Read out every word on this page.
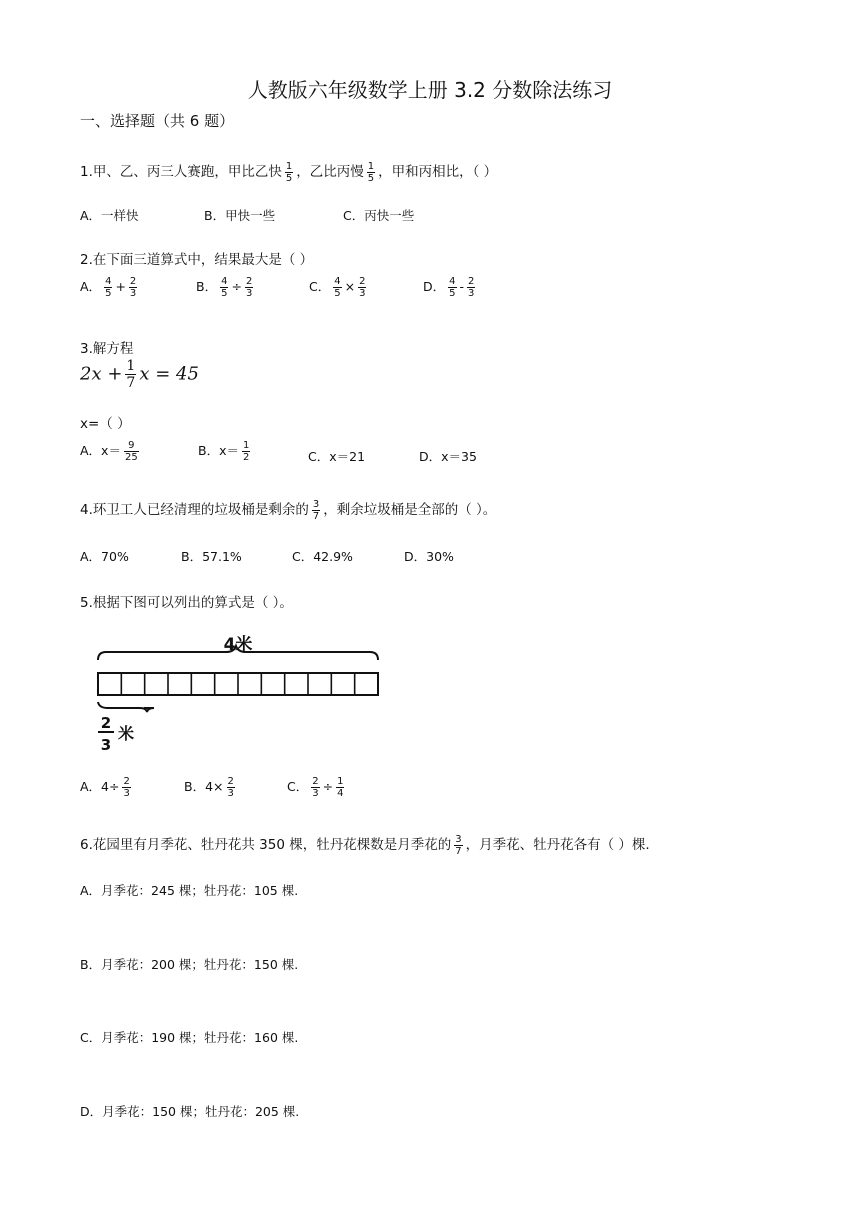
人教版六年级数学上册 3.2 分数除法练习
一、选择题（共 6 题）
1.甲、乙、丙三人赛跑，甲比乙快 $\frac{1}{5}$ ，乙比丙慢 $\frac{1}{5}$ ，甲和丙相比，（ ）
A．一样快	B．甲快一些	C．丙快一些
2.在下面三道算式中，结果最大是（ ）
A． $\frac{4}{5} + \frac{2}{3}$	B． $\frac{4}{5} \div \frac{2}{3}$	C． $\frac{4}{5} \times \frac{2}{3}$	D． $\frac{4}{5} - \frac{2}{3}$
3.解方程
$2x + \frac{1}{7}$ x = 45
x=（ ）
A．$x= \frac{9}{25}$	B．$x= \frac{1}{2}$	C．x＝21	D．x＝35
4.环卫工人已经清理的垃圾桶是剩余的 $\frac{3}{7}$ ，剩余垃圾桶是全部的（ ）。
A．70%	B．57.1%	C．42.9%	D．30%
5.根据下图可以列出的算式是（ ）。
4米
2
3
米
A．$4\div \frac{2}{3}$	B．$4\times \frac{2}{3}$	C． $\frac{2}{3} \div \frac{1}{4}$
6.花园里有月季花、牡丹花共 350 棵，牡丹花棵数是月季花的 $\frac{3}{7}$ ，月季花、牡丹花各有（ ）棵.
A．月季花：245 棵；牡丹花：105 棵.
B．月季花：200 棵；牡丹花：150 棵.
C．月季花：190 棵；牡丹花：160 棵.
D．月季花：150 棵；牡丹花：205 棵.
